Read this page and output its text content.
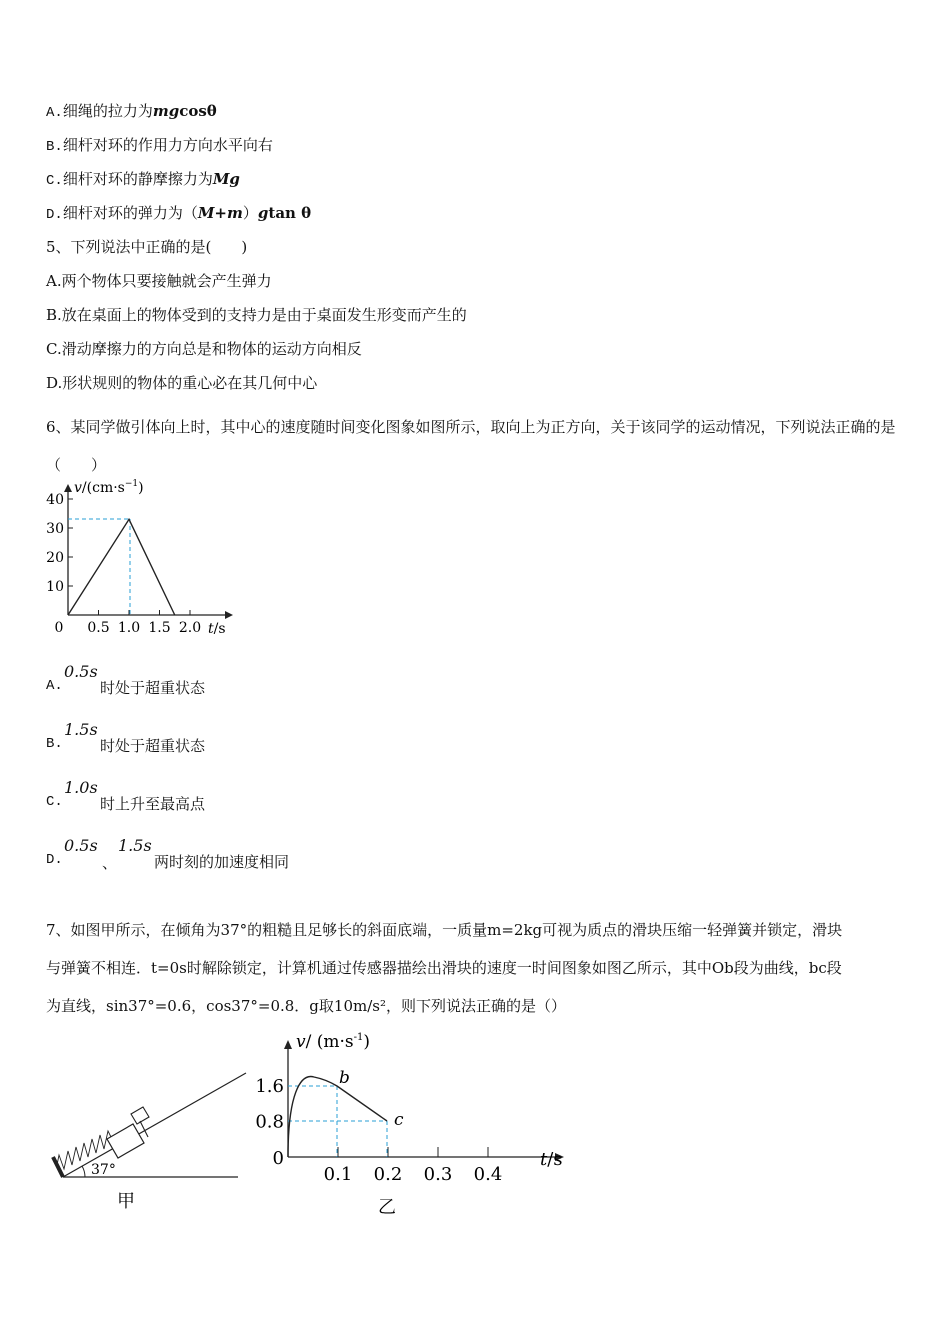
A.细绳的拉力为mgcosθ
B.细杆对环的作用力方向水平向右
C.细杆对环的静摩擦力为Mg
D.细杆对环的弹力为（M+m）gtan θ
5、下列说法中正确的是(　　)
A.两个物体只要接触就会产生弹力
B.放在桌面上的物体受到的支持力是由于桌面发生形变而产生的
C.滑动摩擦力的方向总是和物体的运动方向相反
D.形状规则的物体的重心必在其几何中心
6、某同学做引体向上时，其中心的速度随时间变化图象如图所示，取向上为正方向，关于该同学的运动情况，下列说法正确的是（　　）
0 0.5 1.0 1.5 2.0
10
20
30
40
$v/(cm\cdot s^{-1})$
t/s
A.
0.5s
时处于超重状态
B.
1.5s
时处于超重状态
C.
1.0s
时上升至最高点
D.
0.5s
、
1.5s
两时刻的加速度相同
7、如图甲所示，在倾角为37°的粗糙且足够长的斜面底端，一质量m=2kg可视为质点的滑块压缩一轻弹簧并锁定，滑块
与弹簧不相连．t=0s时解除锁定，计算机通过传感器描绘出滑块的速度一时间图象如图乙所示，其中Ob段为曲线，bc段
为直线，sin37°=0.6，cos37°=0.8．g取10m/s²，则下列说法正确的是（）
37°
甲
0.1 0.2 0.3 0.4
0
0.8
1.6	b
c
v/ $(m\cdot s^{-1})$
t/s
乙
